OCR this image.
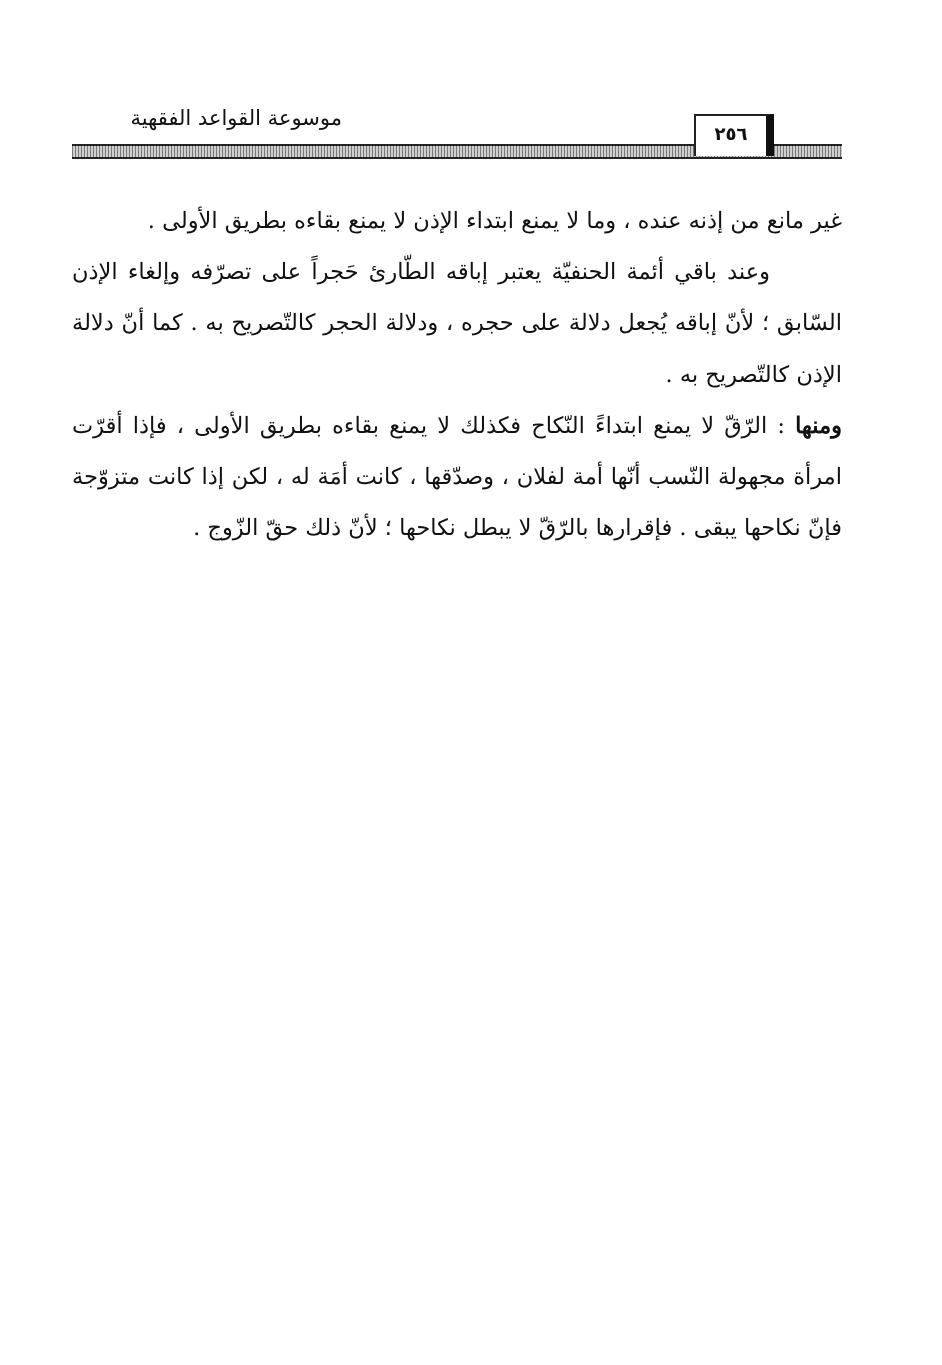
٢٥٦
موسوعة القواعد الفقهية

غير مانع من إذنه عنده ، وما لا يمنع ابتداء الإذن لا يمنع بقاءه بطريق الأولى .

وعند باقي أئمة الحنفيّة يعتبر إباقه الطّارئ حَجراً على تصرّفه وإلغاء الإذن السّابق ؛ لأنّ إباقه يُجعل دلالة على حجره ، ودلالة الحجر كالتّصريح به . كما أنّ دلالة الإذن كالتّصريح به .

ومنها : الرّقّ لا يمنع ابتداءً النّكاح فكذلك لا يمنع بقاءه بطريق الأولى ، فإذا أقرّت امرأة مجهولة النّسب أنّها أمة لفلان ، وصدّقها ، كانت أمَة له ، لكن إذا كانت متزوّجة فإنّ نكاحها يبقى . فإقرارها بالرّقّ لا يبطل نكاحها ؛ لأنّ ذلك حقّ الزّوج .
